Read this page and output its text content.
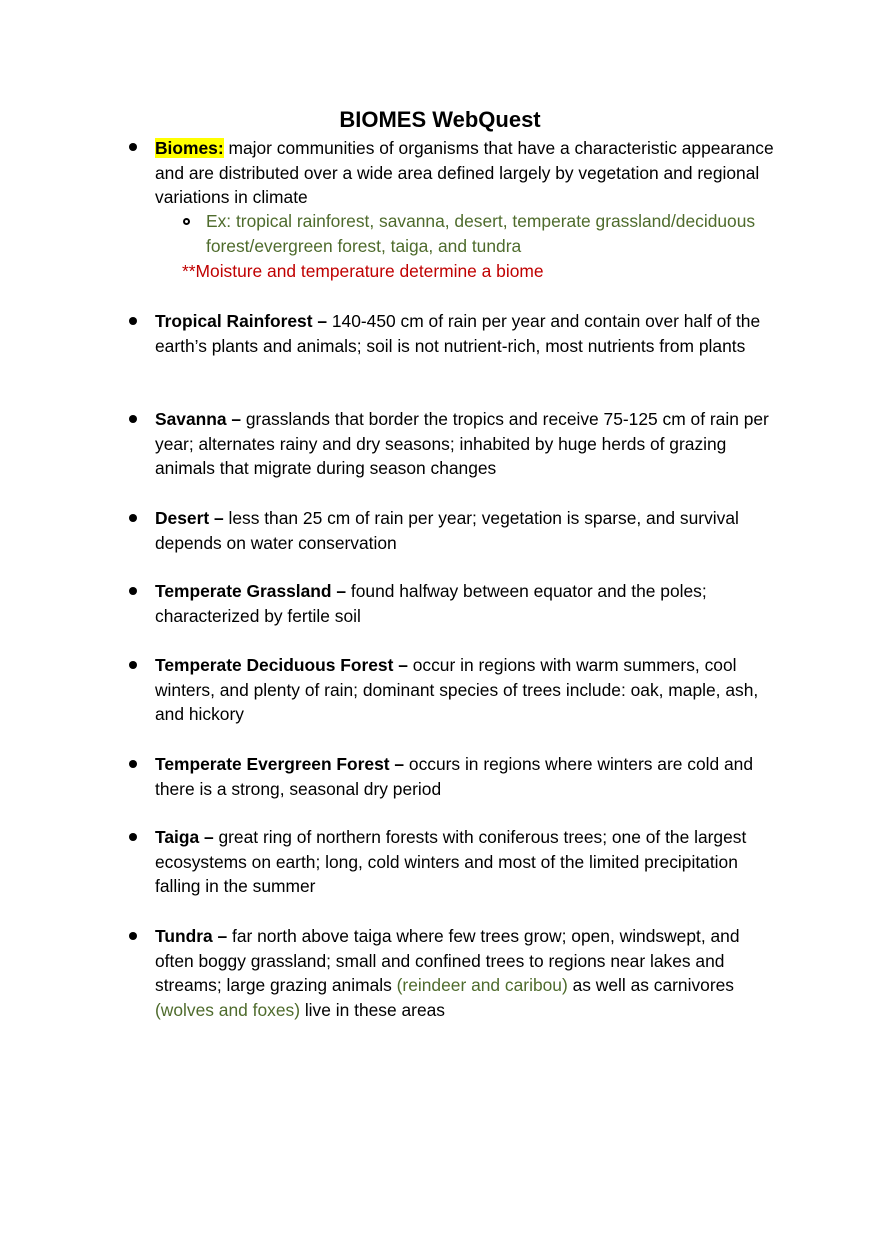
BIOMES WebQuest
Biomes: major communities of organisms that have a characteristic appearance and are distributed over a wide area defined largely by vegetation and regional variations in climate
Ex: tropical rainforest, savanna, desert, temperate grassland/deciduous forest/evergreen forest, taiga, and tundra
**Moisture and temperature determine a biome
Tropical Rainforest – 140-450 cm of rain per year and contain over half of the earth’s plants and animals; soil is not nutrient-rich, most nutrients from plants
Savanna – grasslands that border the tropics and receive 75-125 cm of rain per year; alternates rainy and dry seasons; inhabited by huge herds of grazing animals that migrate during season changes
Desert – less than 25 cm of rain per year; vegetation is sparse, and survival depends on water conservation
Temperate Grassland – found halfway between equator and the poles; characterized by fertile soil
Temperate Deciduous Forest – occur in regions with warm summers, cool winters, and plenty of rain; dominant species of trees include: oak, maple, ash, and hickory
Temperate Evergreen Forest – occurs in regions where winters are cold and there is a strong, seasonal dry period
Taiga – great ring of northern forests with coniferous trees; one of the largest ecosystems on earth; long, cold winters and most of the limited precipitation falling in the summer
Tundra – far north above taiga where few trees grow; open, windswept, and often boggy grassland; small and confined trees to regions near lakes and streams; large grazing animals (reindeer and caribou) as well as carnivores (wolves and foxes) live in these areas
